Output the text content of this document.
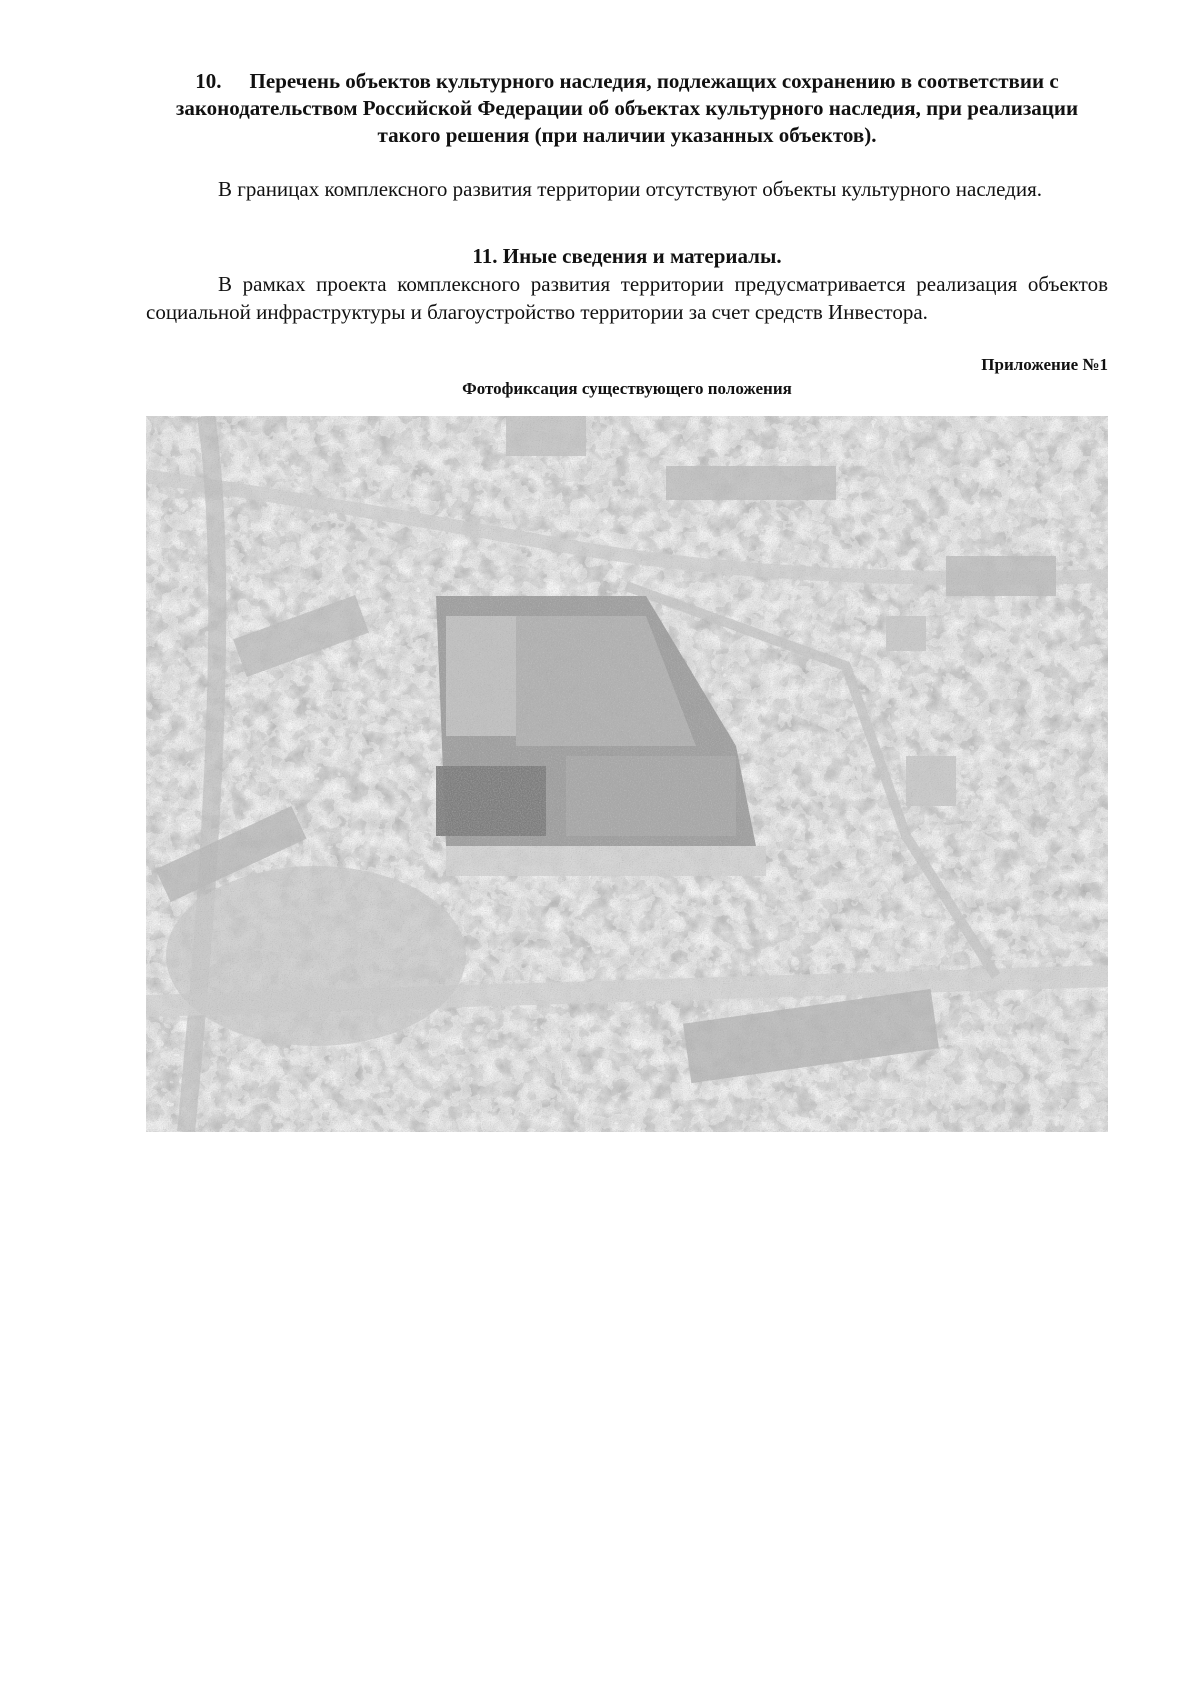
10. Перечень объектов культурного наследия, подлежащих сохранению в соответствии с законодательством Российской Федерации об объектах культурного наследия, при реализации такого решения (при наличии указанных объектов).

В границах комплексного развития территории отсутствуют объекты культурного наследия.

11. Иные сведения и материалы.

В рамках проекта комплексного развития территории предусматривается реализация объектов социальной инфраструктуры и благоустройство территории за счет средств Инвестора.

Приложение №1

Фотофиксация существующего положения
